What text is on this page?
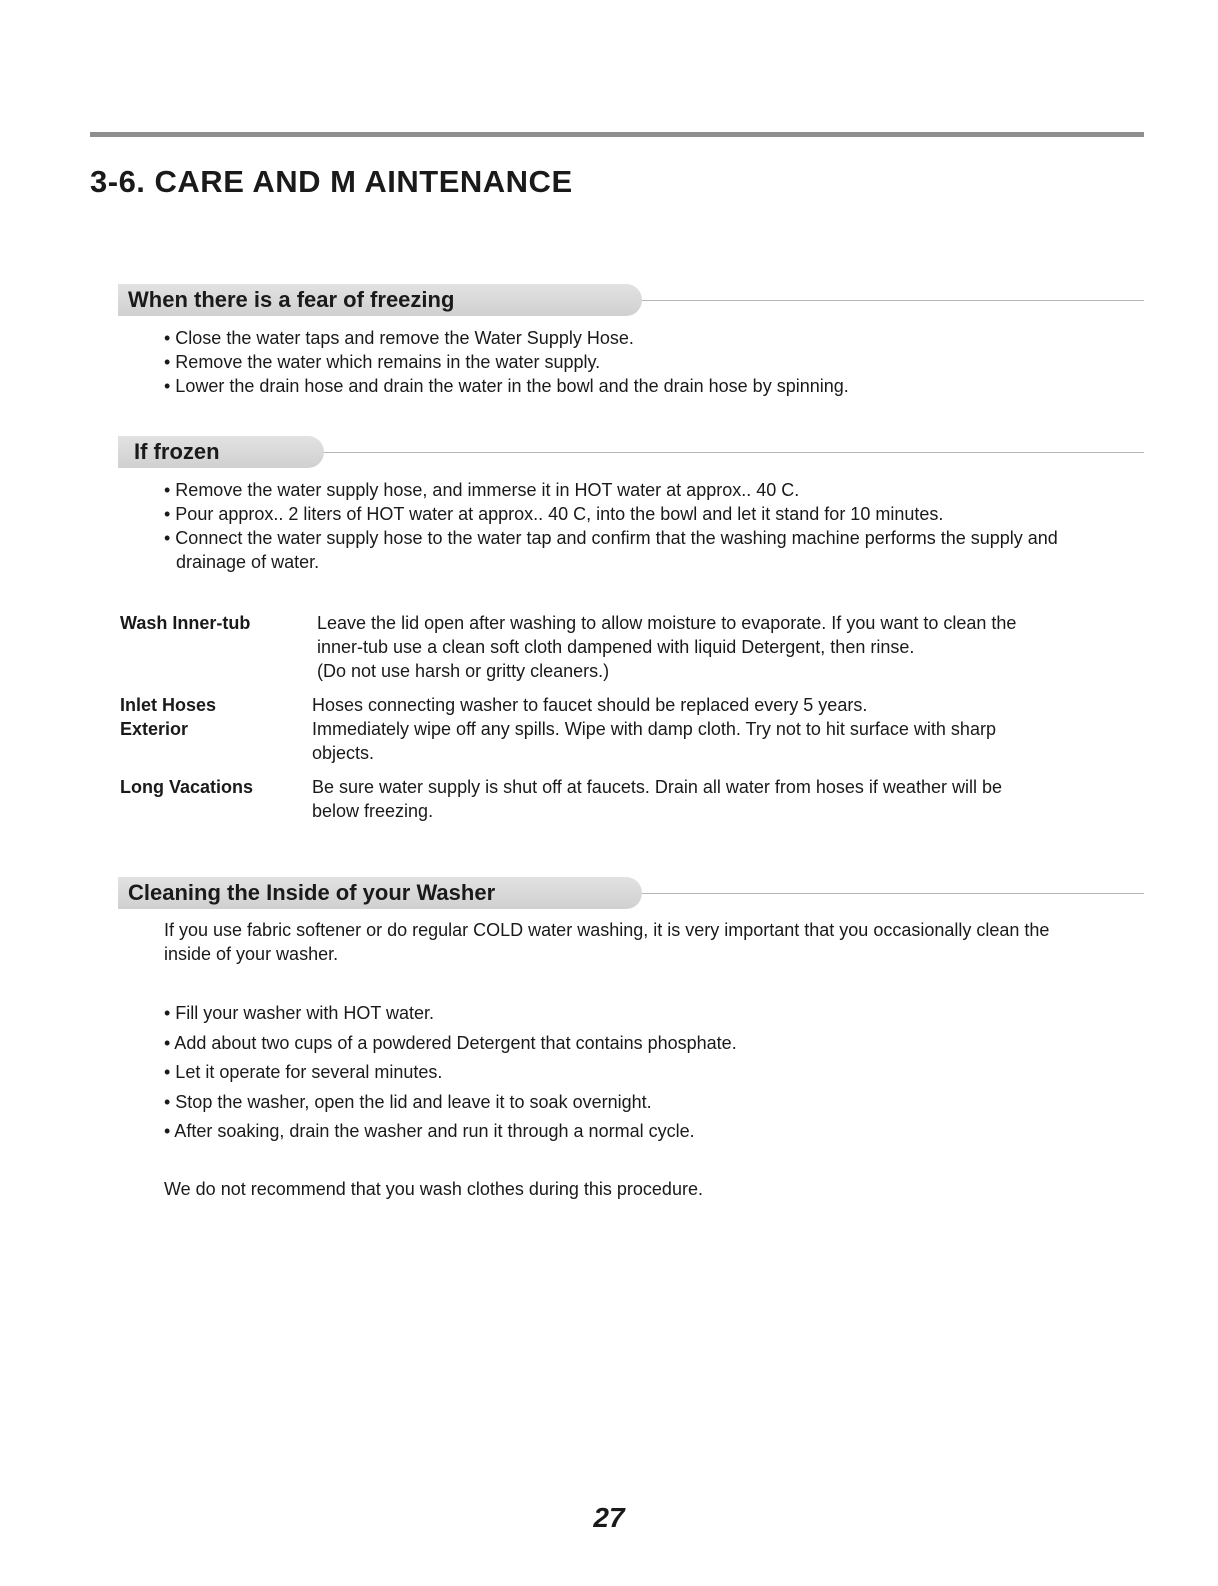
3-6. CARE AND M AINTENANCE
When there is a fear of freezing
• Close the water taps and remove the Water Supply Hose.
• Remove the water which remains in the water supply.
• Lower the drain hose and drain the water in the bowl and the drain hose by spinning.
If frozen
• Remove the water supply hose, and immerse it in HOT water at approx.. 40 C.
• Pour approx.. 2 liters of HOT water at approx.. 40 C, into the bowl and let it stand for 10 minutes.
• Connect the water supply hose to the water tap and confirm that the washing machine performs the supply and drainage of water.
Wash Inner-tub	Leave the lid open after washing to allow moisture to evaporate. If you want to clean the
inner-tub use a clean soft cloth dampened with liquid Detergent, then rinse.
(Do not use harsh or gritty cleaners.)
Inlet Hoses
Exterior
Hoses connecting washer to faucet should be replaced every 5 years.
Immediately wipe off any spills. Wipe with damp cloth. Try not to hit surface with sharp objects.
Long Vacations	Be sure water supply is shut off at faucets. Drain all water from hoses if weather will be below freezing.
Cleaning the Inside of your Washer

If you use fabric softener or do regular COLD water washing, it is very important that you occasionally clean the inside of your washer.

• Fill your washer with HOT water.
• Add about two cups of a powdered Detergent that contains phosphate.
• Let it operate for several minutes.
• Stop the washer, open the lid and leave it to soak overnight.
• After soaking, drain the washer and run it through a normal cycle.

We do not recommend that you wash clothes during this procedure.

27
